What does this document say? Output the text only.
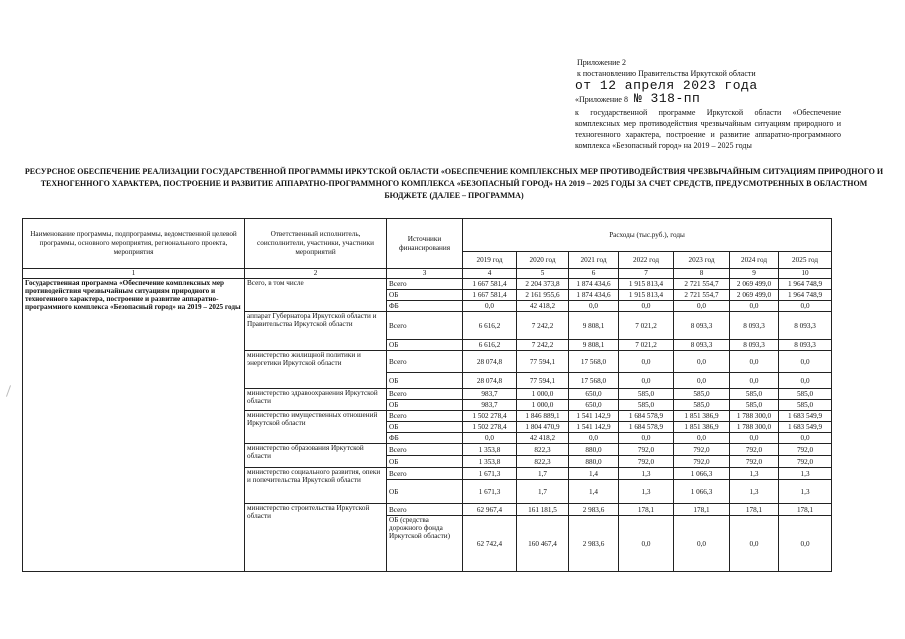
Приложение 2
к постановлению Правительства Иркутской области
от 12 апреля 2023 года
«Приложение 8 № 318-пп
к государственной программе Иркутской области «Обеспечение комплексных мер противодействия чрезвычайным ситуациям природного и техногенного характера, построение и развитие аппаратно-программного комплекса «Безопасный город» на 2019 – 2025 годы
РЕСУРСНОЕ ОБЕСПЕЧЕНИЕ РЕАЛИЗАЦИИ ГОСУДАРСТВЕННОЙ ПРОГРАММЫ ИРКУТСКОЙ ОБЛАСТИ «ОБЕСПЕЧЕНИЕ КОМПЛЕКСНЫХ МЕР ПРОТИВОДЕЙСТВИЯ ЧРЕЗВЫЧАЙНЫМ СИТУАЦИЯМ ПРИРОДНОГО И ТЕХНОГЕННОГО ХАРАКТЕРА, ПОСТРОЕНИЕ И РАЗВИТИЕ АППАРАТНО-ПРОГРАММНОГО КОМПЛЕКСА «БЕЗОПАСНЫЙ ГОРОД» НА 2019 – 2025 ГОДЫ ЗА СЧЕТ СРЕДСТВ, ПРЕДУСМОТРЕННЫХ В ОБЛАСТНОМ БЮДЖЕТЕ (ДАЛЕЕ – ПРОГРАММА)
Наименование программы, подпрограммы, ведомственной целевой программы, основного мероприятия, регионального проекта, мероприятия	Ответственный исполнитель, соисполнители, участники, участники мероприятий	Источники финансирования	Расходы (тыс.руб.), годы						
			2019 год	2020 год	2021 год	2022 год	2023 год	2024 год	2025 год
1	2	3	4	5	6	7	8	9	10
Государственная программа «Обеспечение комплексных мер противодействия чрезвычайным ситуациям природного и техногенного характера, построение и развитие аппаратно-программного комплекса «Безопасный город» на 2019 – 2025 годы	Всего, в том числе	Всего	1 667 581,4	2 204 373,8	1 874 434,6	1 915 813,4	2 721 554,7	2 069 499,0	1 964 748,9
		ОБ	1 667 581,4	2 161 955,6	1 874 434,6	1 915 813,4	2 721 554,7	2 069 499,0	1 964 748,9
		ФБ	0,0	42 418,2	0,0	0,0	0,0	0,0	0,0
	аппарат Губернатора Иркутской области и Правительства Иркутской области	Всего	6 616,2	7 242,2	9 808,1	7 021,2	8 093,3	8 093,3	8 093,3
		ОБ	6 616,2	7 242,2	9 808,1	7 021,2	8 093,3	8 093,3	8 093,3
	министерство жилищной политики и энергетики Иркутской области	Всего	28 074,8	77 594,1	17 568,0	0,0	0,0	0,0	0,0
		ОБ	28 074,8	77 594,1	17 568,0	0,0	0,0	0,0	0,0
	министерство здравоохранения Иркутской области	Всего	983,7	1 000,0	650,0	585,0	585,0	585,0	585,0
		ОБ	983,7	1 000,0	650,0	585,0	585,0	585,0	585,0
	министерство имущественных отношений Иркутской области	Всего	1 502 278,4	1 846 889,1	1 541 142,9	1 684 578,9	1 851 386,9	1 788 300,0	1 683 549,9
		ОБ	1 502 278,4	1 804 470,9	1 541 142,9	1 684 578,9	1 851 386,9	1 788 300,0	1 683 549,9
		ФБ	0,0	42 418,2	0,0	0,0	0,0	0,0	0,0
	министерство образования Иркутской области	Всего	1 353,8	822,3	880,0	792,0	792,0	792,0	792,0
		ОБ	1 353,8	822,3	880,0	792,0	792,0	792,0	792,0
	министерство социального развития, опеки и попечительства Иркутской области	Всего	1 671,3	1,7	1,4	1,3	1 066,3	1,3	1,3
		ОБ	1 671,3	1,7	1,4	1,3	1 066,3	1,3	1,3
	министерство строительства Иркутской области	Всего	62 967,4	161 181,5	2 983,6	178,1	178,1	178,1	178,1
		ОБ (средства дорожного фонда Иркутской области)	62 742,4	160 467,4	2 983,6	0,0	0,0	0,0	0,0
